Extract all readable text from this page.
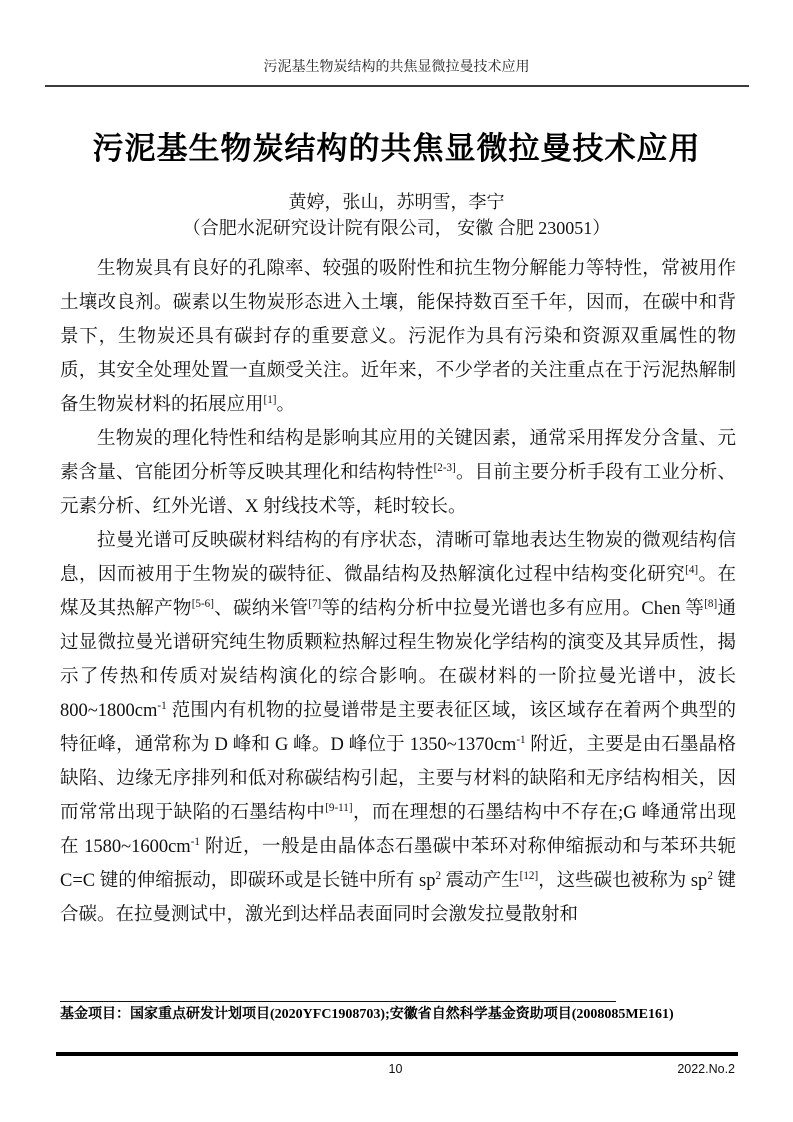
污泥基生物炭结构的共焦显微拉曼技术应用
污泥基生物炭结构的共焦显微拉曼技术应用
黄婷，张山，苏明雪，李宁
（合肥水泥研究设计院有限公司， 安徽 合肥 230051）

生物炭具有良好的孔隙率、较强的吸附性和抗生物分解能力等特性，常被用作土壤改良剂。碳素以生物炭形态进入土壤，能保持数百至千年，因而，在碳中和背景下，生物炭还具有碳封存的重要意义。污泥作为具有污染和资源双重属性的物质，其安全处理处置一直颇受关注。近年来，不少学者的关注重点在于污泥热解制备生物炭材料的拓展应用[1]。

生物炭的理化特性和结构是影响其应用的关键因素，通常采用挥发分含量、元素含量、官能团分析等反映其理化和结构特性[2-3]。目前主要分析手段有工业分析、元素分析、红外光谱、X 射线技术等，耗时较长。

拉曼光谱可反映碳材料结构的有序状态，清晰可靠地表达生物炭的微观结构信息，因而被用于生物炭的碳特征、微晶结构及热解演化过程中结构变化研究[4]。在煤及其热解产物[5-6]、碳纳米管[7]等的结构分析中拉曼光谱也多有应用。Chen 等[8]通过显微拉曼光谱研究纯生物质颗粒热解过程生物炭化学结构的演变及其异质性，揭示了传热和传质对炭结构演化的综合影响。在碳材料的一阶拉曼光谱中，波长 $800\sim 1800cm^{-1}$ 范围内有机物的拉曼谱带是主要表征区域，该区域存在着两个典型的特征峰，通常称为 D 峰和 G 峰。D 峰位于 $1350\sim 1370cm^{-1}$ 附近，主要是由石墨晶格缺陷、边缘无序排列和低对称碳结构引起，主要与材料的缺陷和无序结构相关，因而常常出现于缺陷的石墨结构中[9-11]，而在理想的石墨结构中不存在;G 峰通常出现在 $1580\sim 1600cm^{-1}$ 附近，一般是由晶体态石墨碳中苯环对称伸缩振动和与苯环共轭 C=C 键的伸缩振动，即碳环或是长链中所有 $sp^2$ 震动产生[12]，这些碳也被称为 $sp^2$ 键合碳。在拉曼测试中，激光到达样品表面同时会激发拉曼散射和

基金项目：国家重点研发计划项目(2020YFC1908703);安徽省自然科学基金资助项目(2008085ME161)
10	2022.No.2
